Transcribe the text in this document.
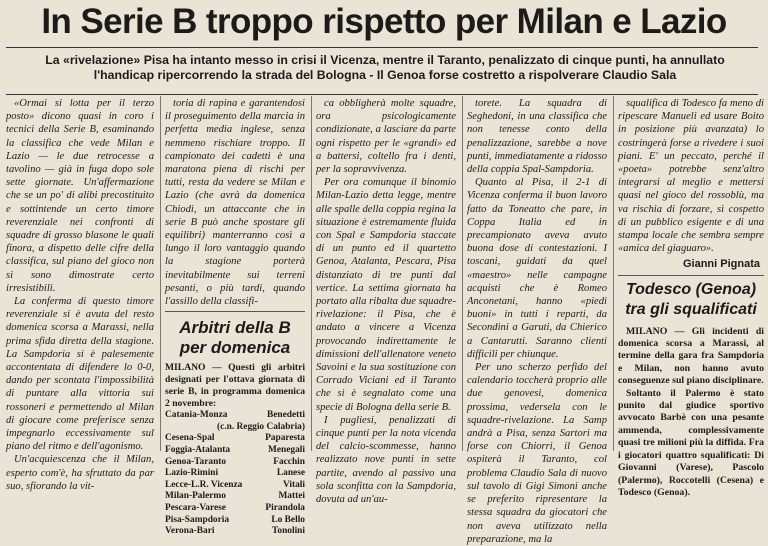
In Serie B troppo rispetto per Milan e Lazio
La «rivelazione» Pisa ha intanto messo in crisi il Vicenza, mentre il Taranto, penalizzato di cinque punti, ha annullato l'handicap ripercorrendo la strada del Bologna - Il Genoa forse costretto a rispolverare Claudio Sala

«Ormai si lotta per il terzo posto» dicono quasi in coro i tecnici della Serie B, esaminando la classifica che vede Milan e Lazio — le due retrocesse a tavolino — già in fuga dopo sole sette giornate. Un'affermazione che se un po' di alibi precostituito e sottintende un certo timore reverenziale nei confronti di squadre di grosso blasone le quali finora, a dispetto delle cifre della classifica, sul piano del gioco non si sono dimostrate certo irresistibili.

La conferma di questo timore reverenziale si è avuta del resto domenica scorsa a Marassi, nella prima sfida diretta della stagione. La Sampdoria si è palesemente accontentata di difendere lo 0-0, dando per scontata l'impossibilità di puntare alla vittoria sui rossoneri e permettendo al Milan di giocare come preferisce senza impegnarlo eccessivamente sul piano del ritmo e dell'agonismo.

Un'acquiescenza che il Milan, esperto com'è, ha sfruttato da par suo, sfiorando la vit-

toria di rapina e garantendosi il proseguimento della marcia in perfetta media inglese, senza nemmeno rischiare troppo. Il campionato dei cadetti è una maratona piena di rischi per tutti, resta da vedere se Milan e Lazio (che avrà da domenica Chiodi, un attaccante che in serie B può anche spostare gli equilibri) manterranno così a lungo il loro vantaggio quando la stagione porterà inevitabilmente sui terreni pesanti, o più tardi, quando l'assillo della classifi-

Arbitri della B per domenica
MILANO — Questi gli arbitri designati per l'ottava giornata di serie B, in programma domenica 2 novembre:
Catania-Monza	Benedetti
(c.n. Reggio Calabria)
Cesena-Spal	Paparesta
Foggia-Atalanta	Menegali
Genoa-Taranto	Facchin
Lazio-Rimini	Lanese
Lecce-L.R. Vicenza	Vitali
Milan-Palermo	Mattei
Pescara-Varese	Pirandola
Pisa-Sampdoria	Lo Bello
Verona-Bari	Tonolini

ca obbligherà molte squadre, ora psicologicamente condizionate, a lasciare da parte ogni rispetto per le «grandi» ed a battersi, coltello fra i denti, per la sopravvivenza.

Per ora comunque il binomio Milan-Lazio detta legge, mentre alle spalle della coppia regina la situazione è estremamente fluida con Spal e Sampdoria staccate di un punto ed il quartetto Genoa, Atalanta, Pescara, Pisa distanziato di tre punti dal vertice. La settima giornata ha portato alla ribalta due squadre-rivelazione: il Pisa, che è andato a vincere a Vicenza provocando indirettamente le dimissioni dell'allenatore veneto Savoini e la sua sostituzione con Corrado Viciani ed il Taranto che si è segnalato come una specie di Bologna della serie B.

I pugliesi, penalizzati di cinque punti per la nota vicenda del calcio-scommesse, hanno realizzato nove punti in sette partite, avendo al passivo una sola sconfitta con la Sampdoria, dovuta ad un'au-

torete. La squadra di Seghedoni, in una classifica che non tenesse conto della penalizzazione, sarebbe a nove punti, immediatamente a ridosso della coppia Spal-Sampdoria.

Quanto al Pisa, il 2-1 di Vicenza conferma il buon lavoro fatto da Toneatto che pare, in Coppa Italia ed in precampionato aveva avuto buona dose di contestazioni. I toscani, guidati da quel «maestro» nelle campagne acquisti che è Romeo Anconetani, hanno «piedi buoni» in tutti i reparti, da Secondini a Garuti, da Chierico a Cantarutti. Saranno clienti difficili per chiunque.

Per uno scherzo perfido del calendario toccherà proprio alle due genovesi, domenica prossima, vedersela con le squadre-rivelazione. La Samp andrà a Pisa, senza Sartori ma forse con Chiorri, il Genoa ospiterà il Taranto, col problema Claudio Sala di nuovo sul tavolo di Gigi Simoni anche se preferito ripresentare la stessa squadra da giocatori che non aveva utilizzato nella preparazione, ma la

squalifica di Todesco fa meno di ripescare Manueli ed usare Boito in posizione più avanzata) lo costringerà forse a rivedere i suoi piani. E' un peccato, perché il «poeta» potrebbe senz'altro integrarsi al meglio e mettersi quasi nel gioco del rossoblù, ma va rischia di forzare, sì cospetto di un pubblico esigente e di una stampa locale che sembra sempre «amica del giaguaro».

Gianni Pignata
Todesco (Genoa) tra gli squalificati

MILANO — Gli incidenti di domenica scorsa a Marassi, al termine della gara fra Sampdoria e Milan, non hanno avuto conseguenze sul piano disciplinare.

Soltanto il Palermo è stato punito dal giudice sportivo avvocato Barbè con una pesante ammenda, complessivamente quasi tre milioni più la diffida. Fra i giocatori quattro squalificati: Di Giovanni (Varese), Pascolo (Palermo), Roccotelli (Cesena) e Todesco (Genoa).
